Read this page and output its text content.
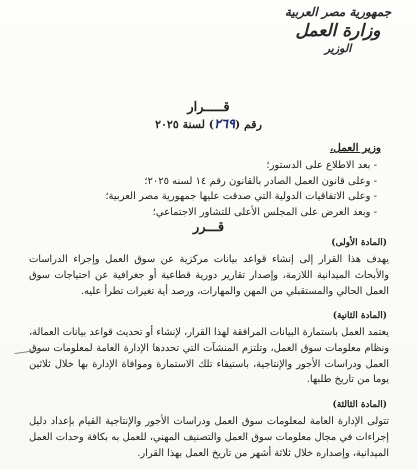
جمهورية مصر العربية
وزارة العمل
الوزير
قـــــرار
رقم (٢٦٩) لسنة ٢٠٢٥
وزير العمل،
- بعد الاطلاع على الدستور؛
- وعلى قانون العمل الصادر بالقانون رقم ١٤ لسنه ٢٠٢٥؛
- وعلى الاتفاقيات الدولية التي صدقت عليها جمهورية مصر العربية؛
- وبعد العرض على المجلس الأعلى للتشاور الاجتماعي؛
قـــرر
(المادة الأولى)
يهدف هذا القرار إلى إنشاء قواعد بيانات مركزية عن سوق العمل وإجراء الدراسات والأبحاث الميدانية اللازمة، وإصدار تقارير دورية قطاعية أو جغرافية عن احتياجات سوق العمل الحالي والمستقبلي من المهن والمهارات، ورصد أية تغيرات تطرأ عليه.
(المادة الثانية)
يعتمد العمل باستمارة البيانات المرافقة لهذا القرار، لإنشاء أو تحديث قواعد بيانات العمالة، ونظام معلومات سوق العمل، وتلتزم المنشآت التي تحددها الإدارة العامة لمعلومات سوق العمل ودراسات الأجور والإنتاجية، باستيفاء تلك الاستمارة وموافاة الإدارة بها خلال ثلاثين يوما من تاريخ طلبها.
(المادة الثالثة)
تتولى الإدارة العامة لمعلومات سوق العمل ودراسات الأجور والإنتاجية القيام بإعداد دليل إجراءات في مجال معلومات سوق العمل والتصنيف المهني، للعمل به بكافة وحدات العمل الميدانية، وإصداره خلال ثلاثة أشهر من تاريخ العمل بهذا القرار.
